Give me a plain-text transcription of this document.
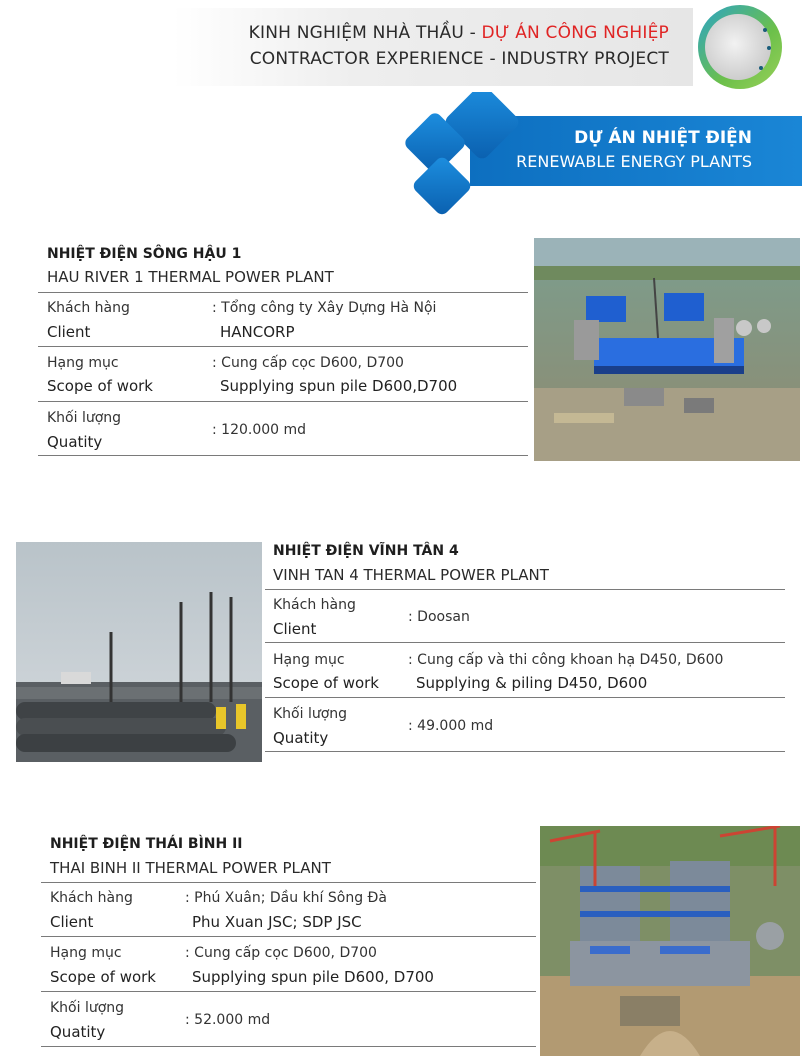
KINH NGHIỆM NHÀ THẦU - DỰ ÁN CÔNG NGHIỆP
CONTRACTOR EXPERIENCE - INDUSTRY PROJECT
DỰ ÁN NHIỆT ĐIỆN
RENEWABLE ENERGY PLANTS
NHIỆT ĐIỆN SÔNG HẬU 1
HAU RIVER 1 THERMAL POWER PLANT
Khách hàng
Client
: Tổng công ty Xây Dựng Hà Nội
HANCORP
Hạng mục
Scope of work
: Cung cấp cọc D600, D700
Supplying spun pile D600,D700
Khối lượng
Quatity
: 120.000 md
NHIỆT ĐIỆN VĨNH TÂN 4
VINH TAN 4 THERMAL POWER PLANT
Khách hàng
Client
: Doosan
Hạng mục
Scope of work
: Cung cấp và thi công khoan hạ D450, D600
Supplying & piling D450, D600
Khối lượng
Quatity
: 49.000 md
NHIỆT ĐIỆN THÁI BÌNH II
THAI BINH II THERMAL POWER PLANT
Khách hàng
Client
: Phú Xuân; Dầu khí Sông Đà
Phu Xuan JSC; SDP JSC
Hạng mục
Scope of work
: Cung cấp cọc D600, D700
Supplying spun pile D600, D700
Khối lượng
Quatity
: 52.000 md
